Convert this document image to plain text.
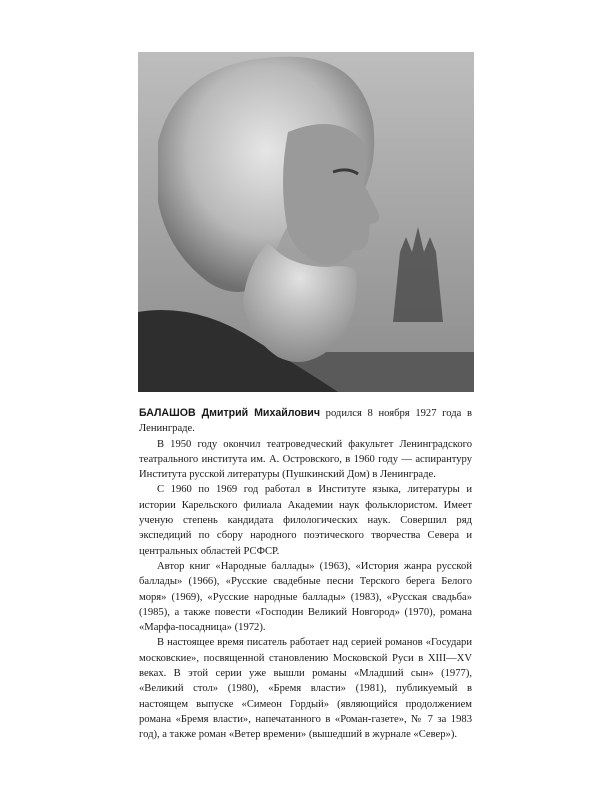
БАЛАШОВ Дмитрий Михайлович родился 8 ноября 1927 года в Ленинграде.

В 1950 году окончил театроведческий факультет Ленинградского театрального института им. А. Островского, в 1960 году — аспирантуру Института русской литературы (Пушкинский Дом) в Ленинграде.

С 1960 по 1969 год работал в Институте языка, литературы и истории Карельского филиала Академии наук фольклористом. Имеет ученую степень кандидата филологических наук. Совершил ряд экспедиций по сбору народного поэтического творчества Севера и центральных областей РСФСР.

Автор книг «Народные баллады» (1963), «История жанра русской баллады» (1966), «Русские свадебные песни Терского берега Белого моря» (1969), «Русские народные баллады» (1983), «Русская свадьба» (1985), а также повести «Господин Великий Новгород» (1970), романа «Марфа-посадница» (1972).

В настоящее время писатель работает над серией романов «Государи московские», посвященной становлению Московской Руси в XIII—XV веках. В этой серии уже вышли романы «Младший сын» (1977), «Великий стол» (1980), «Бремя власти» (1981), публикуемый в настоящем выпуске «Симеон Гордый» (являющийся продолжением романа «Бремя власти», напечатанного в «Роман-газете», № 7 за 1983 год), а также роман «Ветер времени» (вышедший в журнале «Север»).
